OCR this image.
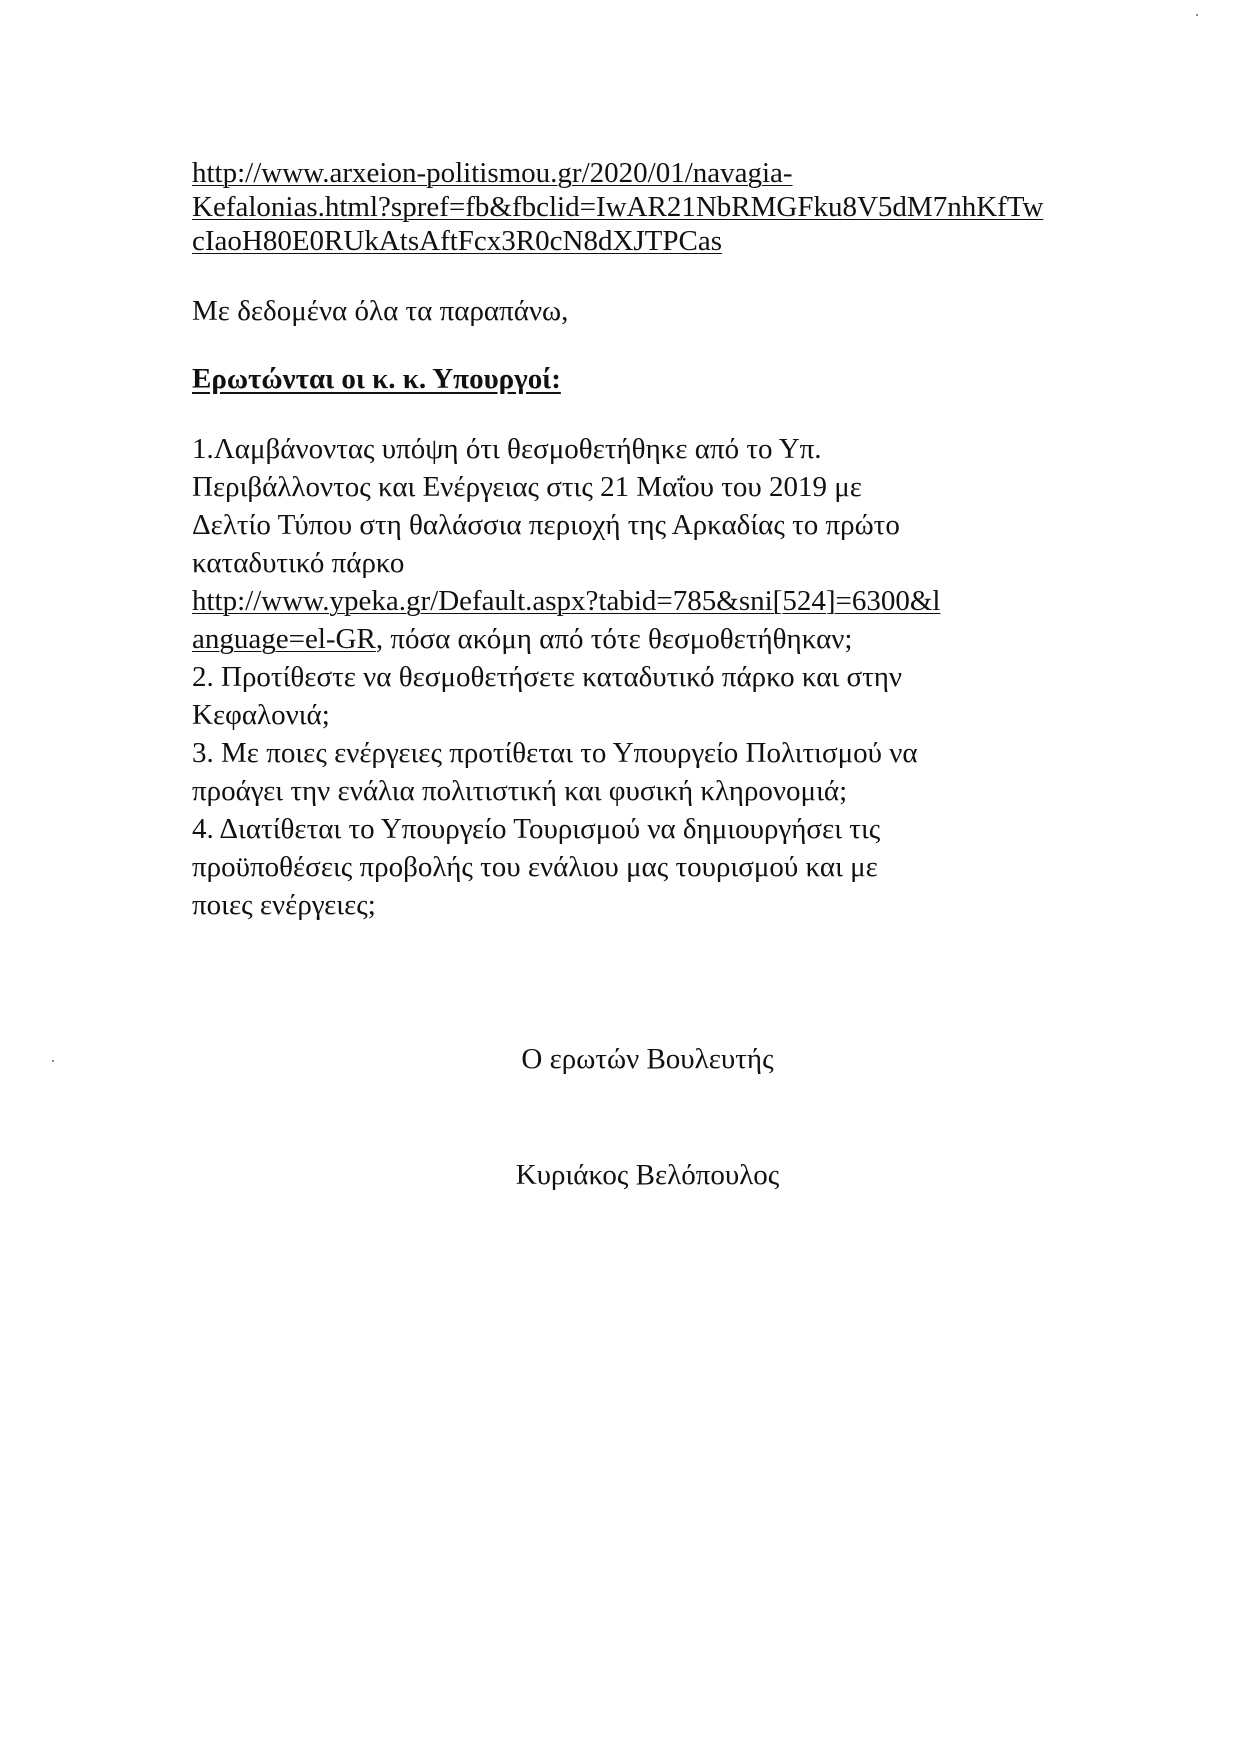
http://www.arxeion-politismou.gr/2020/01/navagia-
Kefalonias.html?spref=fb&fbclid=IwAR21NbRMGFku8V5dM7nhKfTw
cIaoH80E0RUkAtsAftFcx3R0cN8dXJTPCas
Με δεδομένα όλα τα παραπάνω,
Ερωτώνται οι κ. κ. Υπουργοί:
1.Λαμβάνοντας υπόψη ότι θεσμοθετήθηκε από το Υπ.
Περιβάλλοντος και Ενέργειας στις 21 Μαΐου του 2019 με
Δελτίο Τύπου στη θαλάσσια περιοχή της Αρκαδίας το πρώτο
καταδυτικό πάρκο
http://www.ypeka.gr/Default.aspx?tabid=785&sni[524]=6300&l
anguage=el-GR, πόσα ακόμη από τότε θεσμοθετήθηκαν;
2. Προτίθεστε να θεσμοθετήσετε καταδυτικό πάρκο και στην
Κεφαλονιά;
3. Με ποιες ενέργειες προτίθεται το Υπουργείο Πολιτισμού να
προάγει την ενάλια πολιτιστική και φυσική κληρονομιά;
4. Διατίθεται το Υπουργείο Τουρισμού να δημιουργήσει τις
προϋποθέσεις προβολής του ενάλιου μας τουρισμού και με
ποιες ενέργειες;
Ο ερωτών Βουλευτής
Κυριάκος Βελόπουλος
